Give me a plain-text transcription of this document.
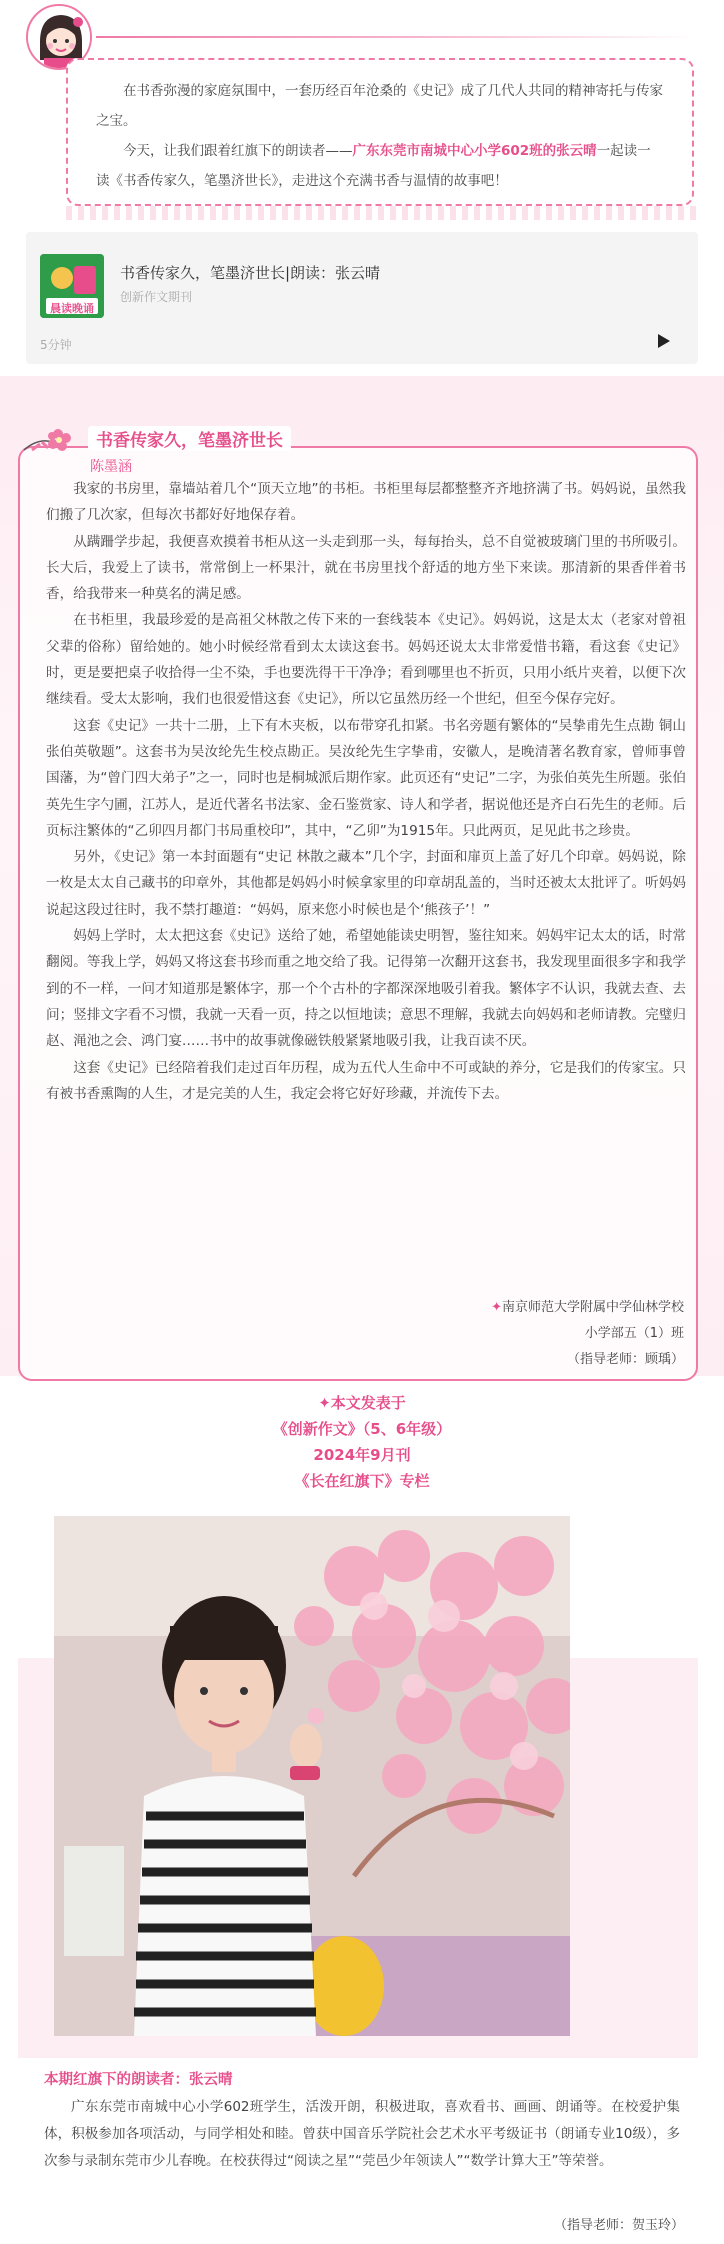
在书香弥漫的家庭氛围中，一套历经百年沧桑的《史记》成了几代人共同的精神寄托与传家之宝。

今天，让我们跟着红旗下的朗读者——广东东莞市南城中心小学602班的张云晴一起读一读《书香传家久，笔墨济世长》，走进这个充满书香与温情的故事吧！

晨读晚诵
书香传家久，笔墨济世长|朗读：张云晴
创新作文期刊
5分钟
书香传家久，笔墨济世长
陈墨涵

我家的书房里，靠墙站着几个“顶天立地”的书柜。书柜里每层都整整齐齐地挤满了书。妈妈说，虽然我们搬了几次家，但每次书都好好地保存着。

从蹒跚学步起，我便喜欢摸着书柜从这一头走到那一头，每每抬头，总不自觉被玻璃门里的书所吸引。长大后，我爱上了读书，常常倒上一杯果汁，就在书房里找个舒适的地方坐下来读。那清新的果香伴着书香，给我带来一种莫名的满足感。

在书柜里，我最珍爱的是高祖父林散之传下来的一套线装本《史记》。妈妈说，这是太太（老家对曾祖父辈的俗称）留给她的。她小时候经常看到太太读这套书。妈妈还说太太非常爱惜书籍，看这套《史记》时，更是要把桌子收拾得一尘不染，手也要洗得干干净净；看到哪里也不折页，只用小纸片夹着，以便下次继续看。受太太影响，我们也很爱惜这套《史记》，所以它虽然历经一个世纪，但至今保存完好。

这套《史记》一共十二册，上下有木夹板，以布带穿孔扣紧。书名旁题有繁体的“吴挚甫先生点勘 铜山张伯英敬题”。这套书为吴汝纶先生校点勘正。吴汝纶先生字挚甫，安徽人，是晚清著名教育家，曾师事曾国藩，为“曾门四大弟子”之一，同时也是桐城派后期作家。此页还有“史记”二字，为张伯英先生所题。张伯英先生字勺圃，江苏人，是近代著名书法家、金石鉴赏家、诗人和学者，据说他还是齐白石先生的老师。后页标注繁体的“乙卯四月都门书局重校印”，其中，“乙卯”为1915年。只此两页，足见此书之珍贵。

另外，《史记》第一本封面题有“史记 林散之藏本”几个字，封面和扉页上盖了好几个印章。妈妈说，除一枚是太太自己藏书的印章外，其他都是妈妈小时候拿家里的印章胡乱盖的，当时还被太太批评了。听妈妈说起这段过往时，我不禁打趣道：“妈妈，原来您小时候也是个‘熊孩子’！”

妈妈上学时，太太把这套《史记》送给了她，希望她能读史明智，鉴往知来。妈妈牢记太太的话，时常翻阅。等我上学，妈妈又将这套书珍而重之地交给了我。记得第一次翻开这套书，我发现里面很多字和我学到的不一样，一问才知道那是繁体字，那一个个古朴的字都深深地吸引着我。繁体字不认识，我就去查、去问；竖排文字看不习惯，我就一天看一页，持之以恒地读；意思不理解，我就去向妈妈和老师请教。完璧归赵、渑池之会、鸿门宴……书中的故事就像磁铁般紧紧地吸引我，让我百读不厌。

这套《史记》已经陪着我们走过百年历程，成为五代人生命中不可或缺的养分，它是我们的传家宝。只有被书香熏陶的人生，才是完美的人生，我定会将它好好珍藏，并流传下去。

✦南京师范大学附属中学仙林学校
小学部五（1）班
（指导老师：顾瑀）
✦本文发表于
《创新作文》（5、6年级）
2024年9月刊
《长在红旗下》专栏
本期红旗下的朗读者：张云晴

广东东莞市南城中心小学602班学生，活泼开朗，积极进取，喜欢看书、画画、朗诵等。在校爱护集体，积极参加各项活动，与同学相处和睦。曾获中国音乐学院社会艺术水平考级证书（朗诵专业10级），多次参与录制东莞市少儿春晚。在校获得过“阅读之星”“莞邑少年领读人”“数学计算大王”等荣誉。

（指导老师：贺玉玲）
